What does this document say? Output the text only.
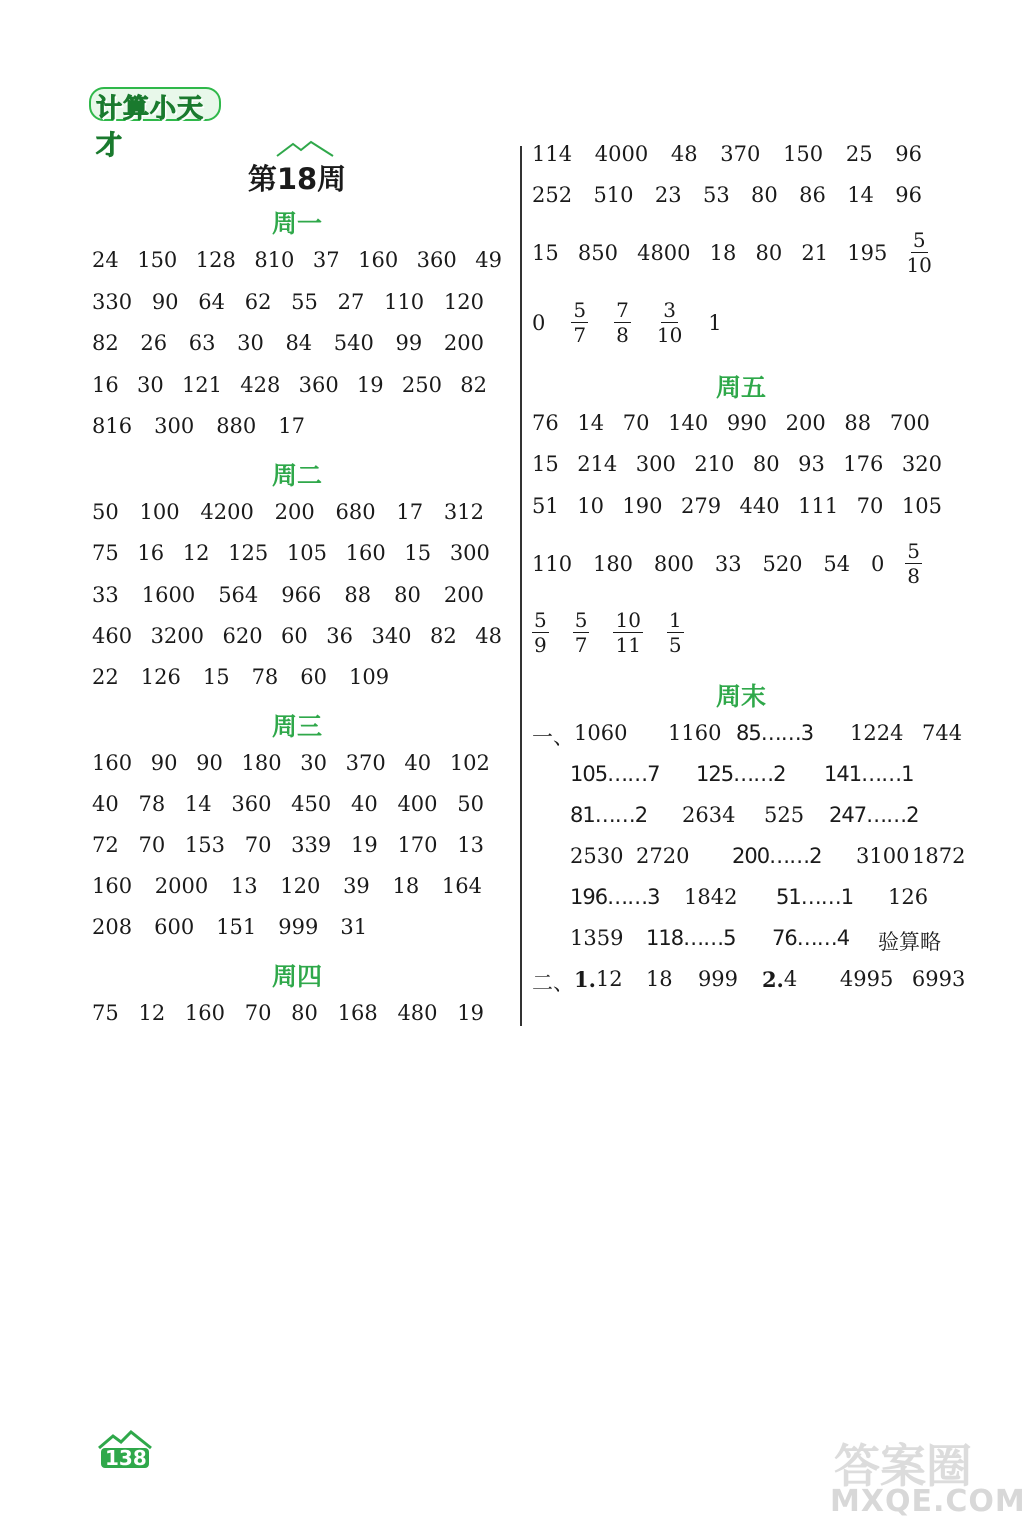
计算小天才
第18周
周一
24 150 128 810 37 160 360 49
330 90 64 62 55 27 110 120
82 26 63 30 84 540 99 200
16 30 121 428 360 19 250 82
816 300 880 17
周二
50 100 4200 200 680 17 312
75 16 12 125 105 160 15 300
33 1600 564 966 88 80 200
460 3200 620 60 36 340 82 48
22 126 15 78 60 109
周三
160 90 90 180 30 370 40 102
40 78 14 360 450 40 400 50
72 70 153 70 339 19 170 13
160 2000 13 120 39 18 164
208 600 151 999 31
周四
75 12 160 70 80 168 480 19
114 4000 48 370 150 25 96
252 510 23 53 80 86 14 96
15 850 4800 18 80 21 $195 \frac{5}{10}$
$0 \frac{5}{7} \frac{7}{8} \frac{3}{10} 1$
周五
76 14 70 140 990 200 88 700
15 214 300 210 80 93 176 320
51 10 190 279 440 111 70 105
110 180 800 33 520 54 $0 \frac{5}{8}$
$\frac{5}{9} \frac{5}{7} \frac{10}{11} \frac{1}{5}$
周末
一、 1060	1160 85……3	1224 744
105……7	125……2	141……1
81……2	2634	525	247……2
2530 2720	200……2	3100 1872
196……3	1842	51……1	126
1359	118……5	76……4	验算略
二、 1. 12	18	999	2. 4	4995 6993
138	答案圈
MXQE.COM
